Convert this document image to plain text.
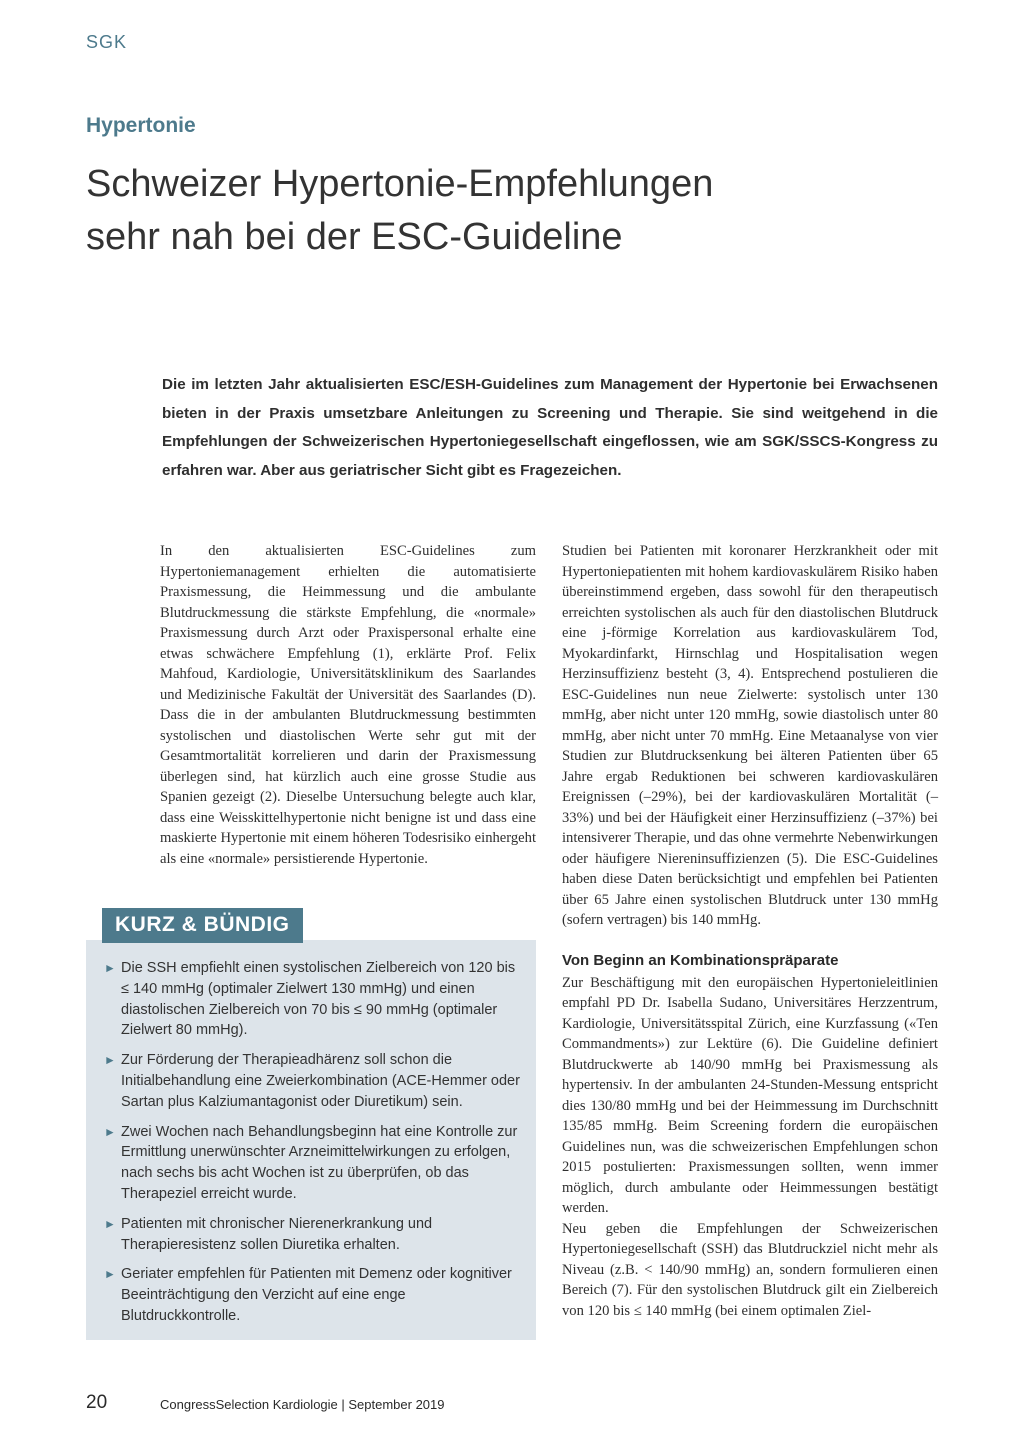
SGK
Hypertonie
Schweizer Hypertonie-Empfehlungen
sehr nah bei der ESC-Guideline

Die im letzten Jahr aktualisierten ESC/ESH-Guidelines zum Management der Hypertonie bei Erwachsenen bieten in der Praxis umsetzbare Anleitungen zu Screening und Therapie. Sie sind weitgehend in die Empfehlungen der Schweizerischen Hypertoniegesellschaft eingeflossen, wie am SGK/SSCS-Kongress zu erfahren war. Aber aus geriatrischer Sicht gibt es Fragezeichen.

In den aktualisierten ESC-Guidelines zum Hypertoniemanagement erhielten die automatisierte Praxismessung, die Heimmessung und die ambulante Blutdruckmessung die stärkste Empfehlung, die «normale» Praxismessung durch Arzt oder Praxispersonal erhalte eine etwas schwächere Empfehlung (1), erklärte Prof. Felix Mahfoud, Kardiologie, Universitätsklinikum des Saarlandes und Medizinische Fakultät der Universität des Saarlandes (D). Dass die in der ambulanten Blutdruckmessung bestimmten systolischen und diastolischen Werte sehr gut mit der Gesamtmortalität korrelieren und darin der Praxismessung überlegen sind, hat kürzlich auch eine grosse Studie aus Spanien gezeigt (2). Dieselbe Untersuchung belegte auch klar, dass eine Weisskittelhypertonie nicht benigne ist und dass eine maskierte Hypertonie mit einem höheren Todesrisiko einhergeht als eine «normale» persistierende Hypertonie.

KURZ & BÜNDIG
► Die SSH empfiehlt einen systolischen Zielbereich von 120 bis ≤ 140 mmHg (optimaler Zielwert 130 mmHg) und einen diastolischen Zielbereich von 70 bis ≤ 90 mmHg (optimaler Zielwert 80 mmHg).
► Zur Förderung der Therapieadhärenz soll schon die Initialbehandlung eine Zweierkombination (ACE-Hemmer oder Sartan plus Kalziumantagonist oder Diuretikum) sein.
► Zwei Wochen nach Behandlungsbeginn hat eine Kontrolle zur Ermittlung unerwünschter Arzneimittelwirkungen zu erfolgen, nach sechs bis acht Wochen ist zu überprüfen, ob das Therapeziel erreicht wurde.
► Patienten mit chronischer Nierenerkrankung und Therapieresistenz sollen Diuretika erhalten.
► Geriater empfehlen für Patienten mit Demenz oder kognitiver Beeinträchtigung den Verzicht auf eine enge Blutdruckkontrolle.

Studien bei Patienten mit koronarer Herzkrankheit oder mit Hypertoniepatienten mit hohem kardiovaskulärem Risiko haben übereinstimmend ergeben, dass sowohl für den therapeutisch erreichten systolischen als auch für den diastolischen Blutdruck eine j-förmige Korrelation aus kardiovaskulärem Tod, Myokardinfarkt, Hirnschlag und Hospitalisation wegen Herzinsuffizienz besteht (3, 4). Entsprechend postulieren die ESC-Guidelines nun neue Zielwerte: systolisch unter 130 mmHg, aber nicht unter 120 mmHg, sowie diastolisch unter 80 mmHg, aber nicht unter 70 mmHg. Eine Metaanalyse von vier Studien zur Blutdrucksenkung bei älteren Patienten über 65 Jahre ergab Reduktionen bei schweren kardiovaskulären Ereignissen (–29%), bei der kardiovaskulären Mortalität (–33%) und bei der Häufigkeit einer Herzinsuffizienz (–37%) bei intensiverer Therapie, und das ohne vermehrte Nebenwirkungen oder häufigere Niereninsuffizienzen (5). Die ESC-Guidelines haben diese Daten berücksichtigt und empfehlen bei Patienten über 65 Jahre einen systolischen Blutdruck unter 130 mmHg (sofern vertragen) bis 140 mmHg.

Von Beginn an Kombinationspräparate

Zur Beschäftigung mit den europäischen Hypertonieleitlinien empfahl PD Dr. Isabella Sudano, Universitäres Herzzentrum, Kardiologie, Universitätsspital Zürich, eine Kurzfassung («Ten Commandments») zur Lektüre (6). Die Guideline definiert Blutdruckwerte ab 140/90 mmHg bei Praxismessung als hypertensiv. In der ambulanten 24-Stunden-Messung entspricht dies 130/80 mmHg und bei der Heimmessung im Durchschnitt 135/85 mmHg. Beim Screening fordern die europäischen Guidelines nun, was die schweizerischen Empfehlungen schon 2015 postulierten: Praxismessungen sollten, wenn immer möglich, durch ambulante oder Heimmessungen bestätigt werden.

Neu geben die Empfehlungen der Schweizerischen Hypertoniegesellschaft (SSH) das Blutdruckziel nicht mehr als Niveau (z.B. < 140/90 mmHg) an, sondern formulieren einen Bereich (7). Für den systolischen Blutdruck gilt ein Zielbereich von 120 bis ≤ 140 mmHg (bei einem optimalen Ziel-

20	CongressSelection Kardiologie | September 2019
